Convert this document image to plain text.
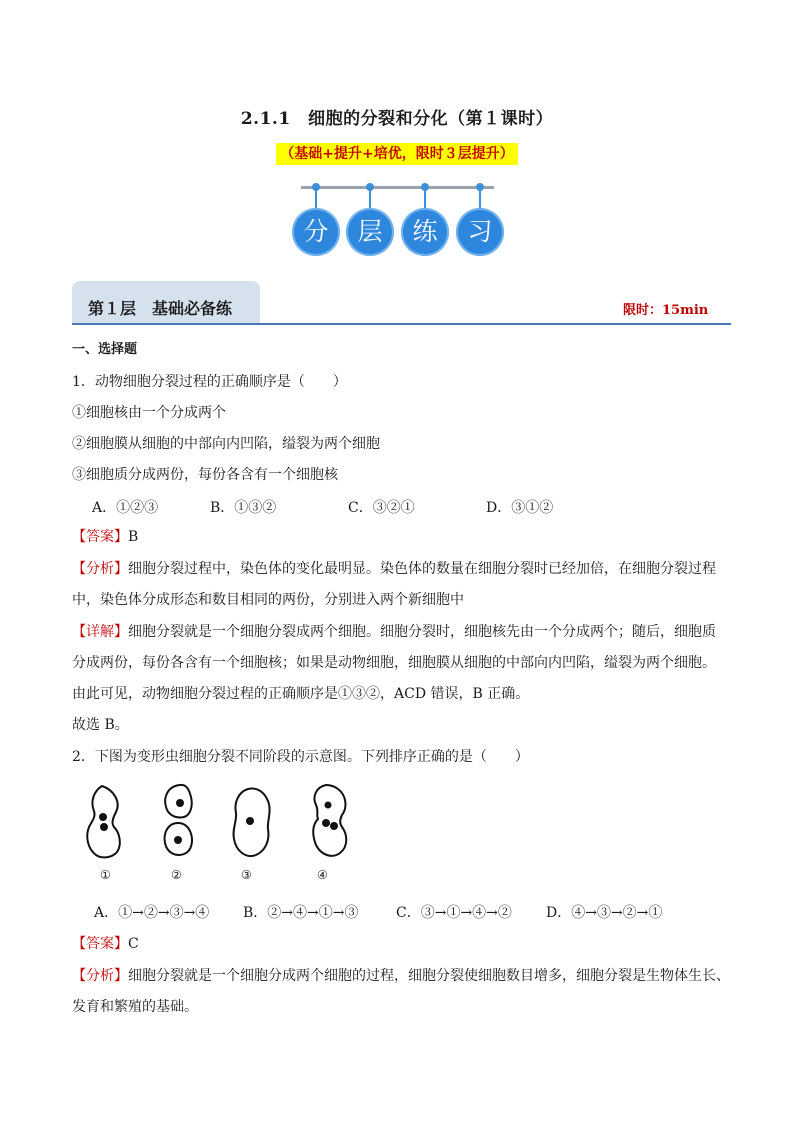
2.1.1　细胞的分裂和分化（第１课时）
（基础+提升+培优，限时３层提升）
分	层	练	习
第１层　基础必备练	限时：15min
一、选择题
1．动物细胞分裂过程的正确顺序是（　　）
①细胞核由一个分成两个
②细胞膜从细胞的中部向内凹陷，缢裂为两个细胞
③细胞质分成两份，每份各含有一个细胞核
A．①②③	B．①③②	C．③②①	D．③①②
【答案】B
【分析】细胞分裂过程中，染色体的变化最明显。染色体的数量在细胞分裂时已经加倍，在细胞分裂过程
中，染色体分成形态和数目相同的两份，分别进入两个新细胞中
【详解】细胞分裂就是一个细胞分裂成两个细胞。细胞分裂时，细胞核先由一个分成两个；随后，细胞质
分成两份，每份各含有一个细胞核；如果是动物细胞，细胞膜从细胞的中部向内凹陷，缢裂为两个细胞。
由此可见，动物细胞分裂过程的正确顺序是①③②，ACD 错误，B 正确。
故选 B。
2．下图为变形虫细胞分裂不同阶段的示意图。下列排序正确的是（　　）
①	②	③	④
A．①→②→③→④ B．②→④→①→③	C．③→①→④→② D．④→③→②→①
【答案】C
【分析】细胞分裂就是一个细胞分成两个细胞的过程，细胞分裂使细胞数目增多，细胞分裂是生物体生长、
发育和繁殖的基础。
